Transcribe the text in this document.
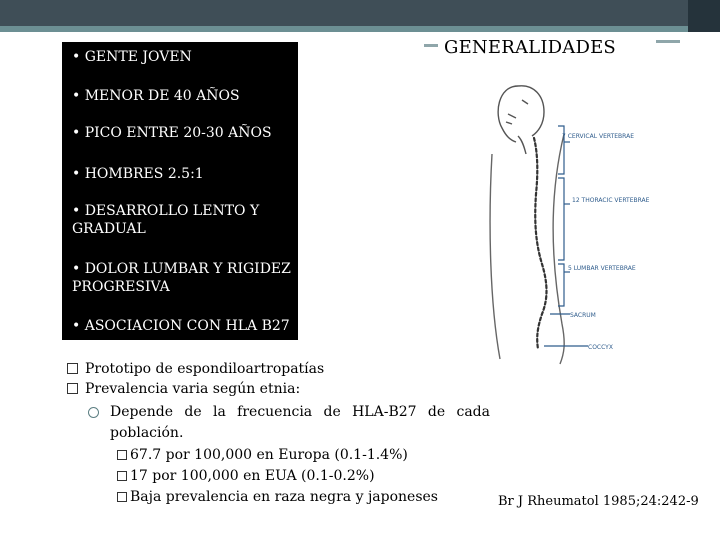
GENERALIDADES
• GENTE JOVEN
• MENOR DE 40 AÑOS
• PICO ENTRE 20-30 AÑOS
• HOMBRES 2.5:1
• DESARROLLO LENTO Y GRADUAL
• DOLOR LUMBAR Y RIGIDEZ PROGRESIVA
• ASOCIACION CON HLA B27
7 CERVICAL VERTEBRAE
12 THORACIC VERTEBRAE
5 LUMBAR VERTEBRAE
SACRUM
COCCYX
Prototipo de espondiloartropatías
Prevalencia varia según etnia:
Depende de la frecuencia de HLA-B27 de cada
población.
67.7 por 100,000 en Europa (0.1-1.4%)
17 por 100,000 en EUA (0.1-0.2%)
Baja prevalencia en raza negra y japoneses	Br J Rheumatol 1985;24:242-9
